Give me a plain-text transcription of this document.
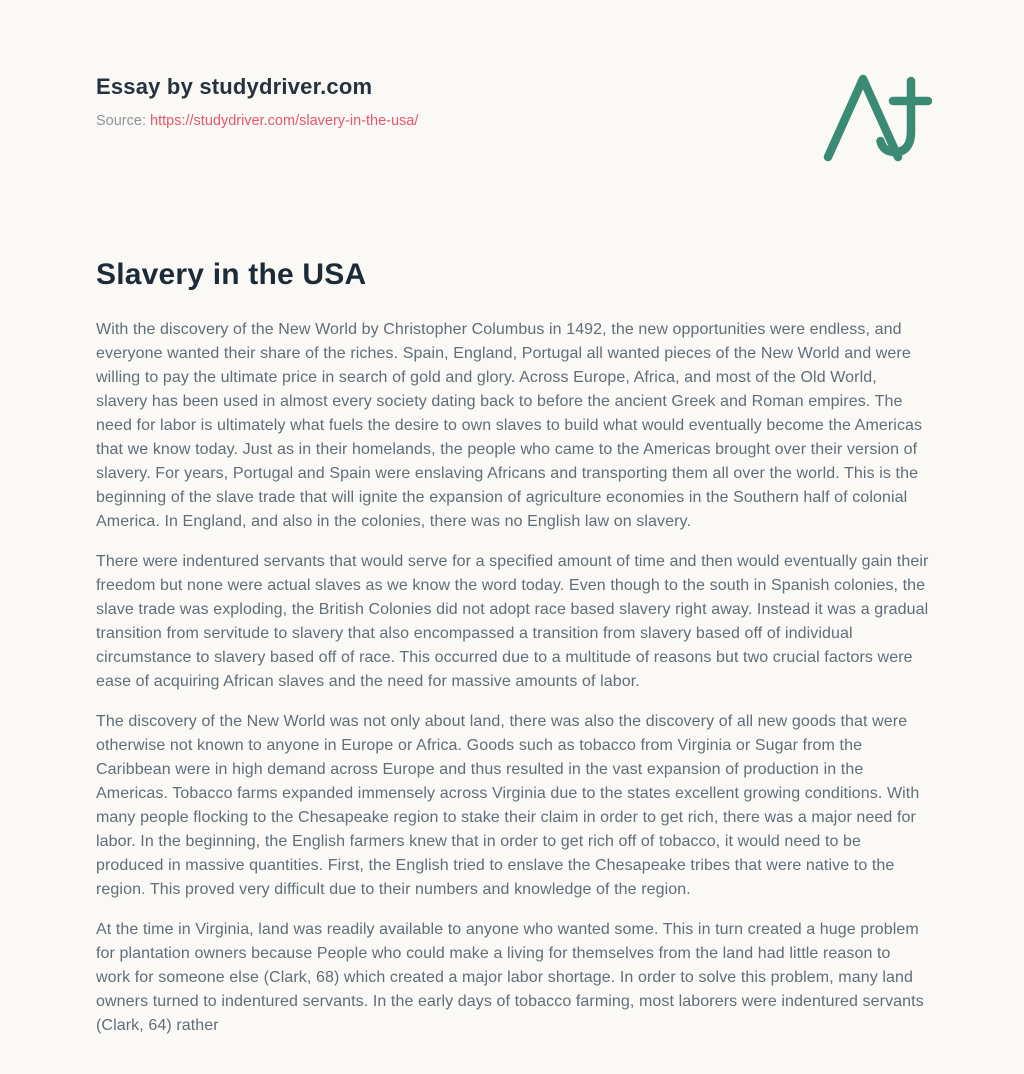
Essay by studydriver.com
Source: https://studydriver.com/slavery-in-the-usa/
Slavery in the USA

With the discovery of the New World by Christopher Columbus in 1492, the new opportunities were endless, and everyone wanted their share of the riches. Spain, England, Portugal all wanted pieces of the New World and were willing to pay the ultimate price in search of gold and glory. Across Europe, Africa, and most of the Old World, slavery has been used in almost every society dating back to before the ancient Greek and Roman empires. The need for labor is ultimately what fuels the desire to own slaves to build what would eventually become the Americas that we know today. Just as in their homelands, the people who came to the Americas brought over their version of slavery. For years, Portugal and Spain were enslaving Africans and transporting them all over the world. This is the beginning of the slave trade that will ignite the expansion of agriculture economies in the Southern half of colonial America. In England, and also in the colonies, there was no English law on slavery.

There were indentured servants that would serve for a specified amount of time and then would eventually gain their freedom but none were actual slaves as we know the word today. Even though to the south in Spanish colonies, the slave trade was exploding, the British Colonies did not adopt race based slavery right away. Instead it was a gradual transition from servitude to slavery that also encompassed a transition from slavery based off of individual circumstance to slavery based off of race. This occurred due to a multitude of reasons but two crucial factors were ease of acquiring African slaves and the need for massive amounts of labor.

The discovery of the New World was not only about land, there was also the discovery of all new goods that were otherwise not known to anyone in Europe or Africa. Goods such as tobacco from Virginia or Sugar from the Caribbean were in high demand across Europe and thus resulted in the vast expansion of production in the Americas. Tobacco farms expanded immensely across Virginia due to the states excellent growing conditions. With many people flocking to the Chesapeake region to stake their claim in order to get rich, there was a major need for labor. In the beginning, the English farmers knew that in order to get rich off of tobacco, it would need to be produced in massive quantities. First, the English tried to enslave the Chesapeake tribes that were native to the region. This proved very difficult due to their numbers and knowledge of the region.

At the time in Virginia, land was readily available to anyone who wanted some. This in turn created a huge problem for plantation owners because People who could make a living for themselves from the land had little reason to work for someone else (Clark, 68) which created a major labor shortage. In order to solve this problem, many land owners turned to indentured servants. In the early days of tobacco farming, most laborers were indentured servants (Clark, 64) rather
